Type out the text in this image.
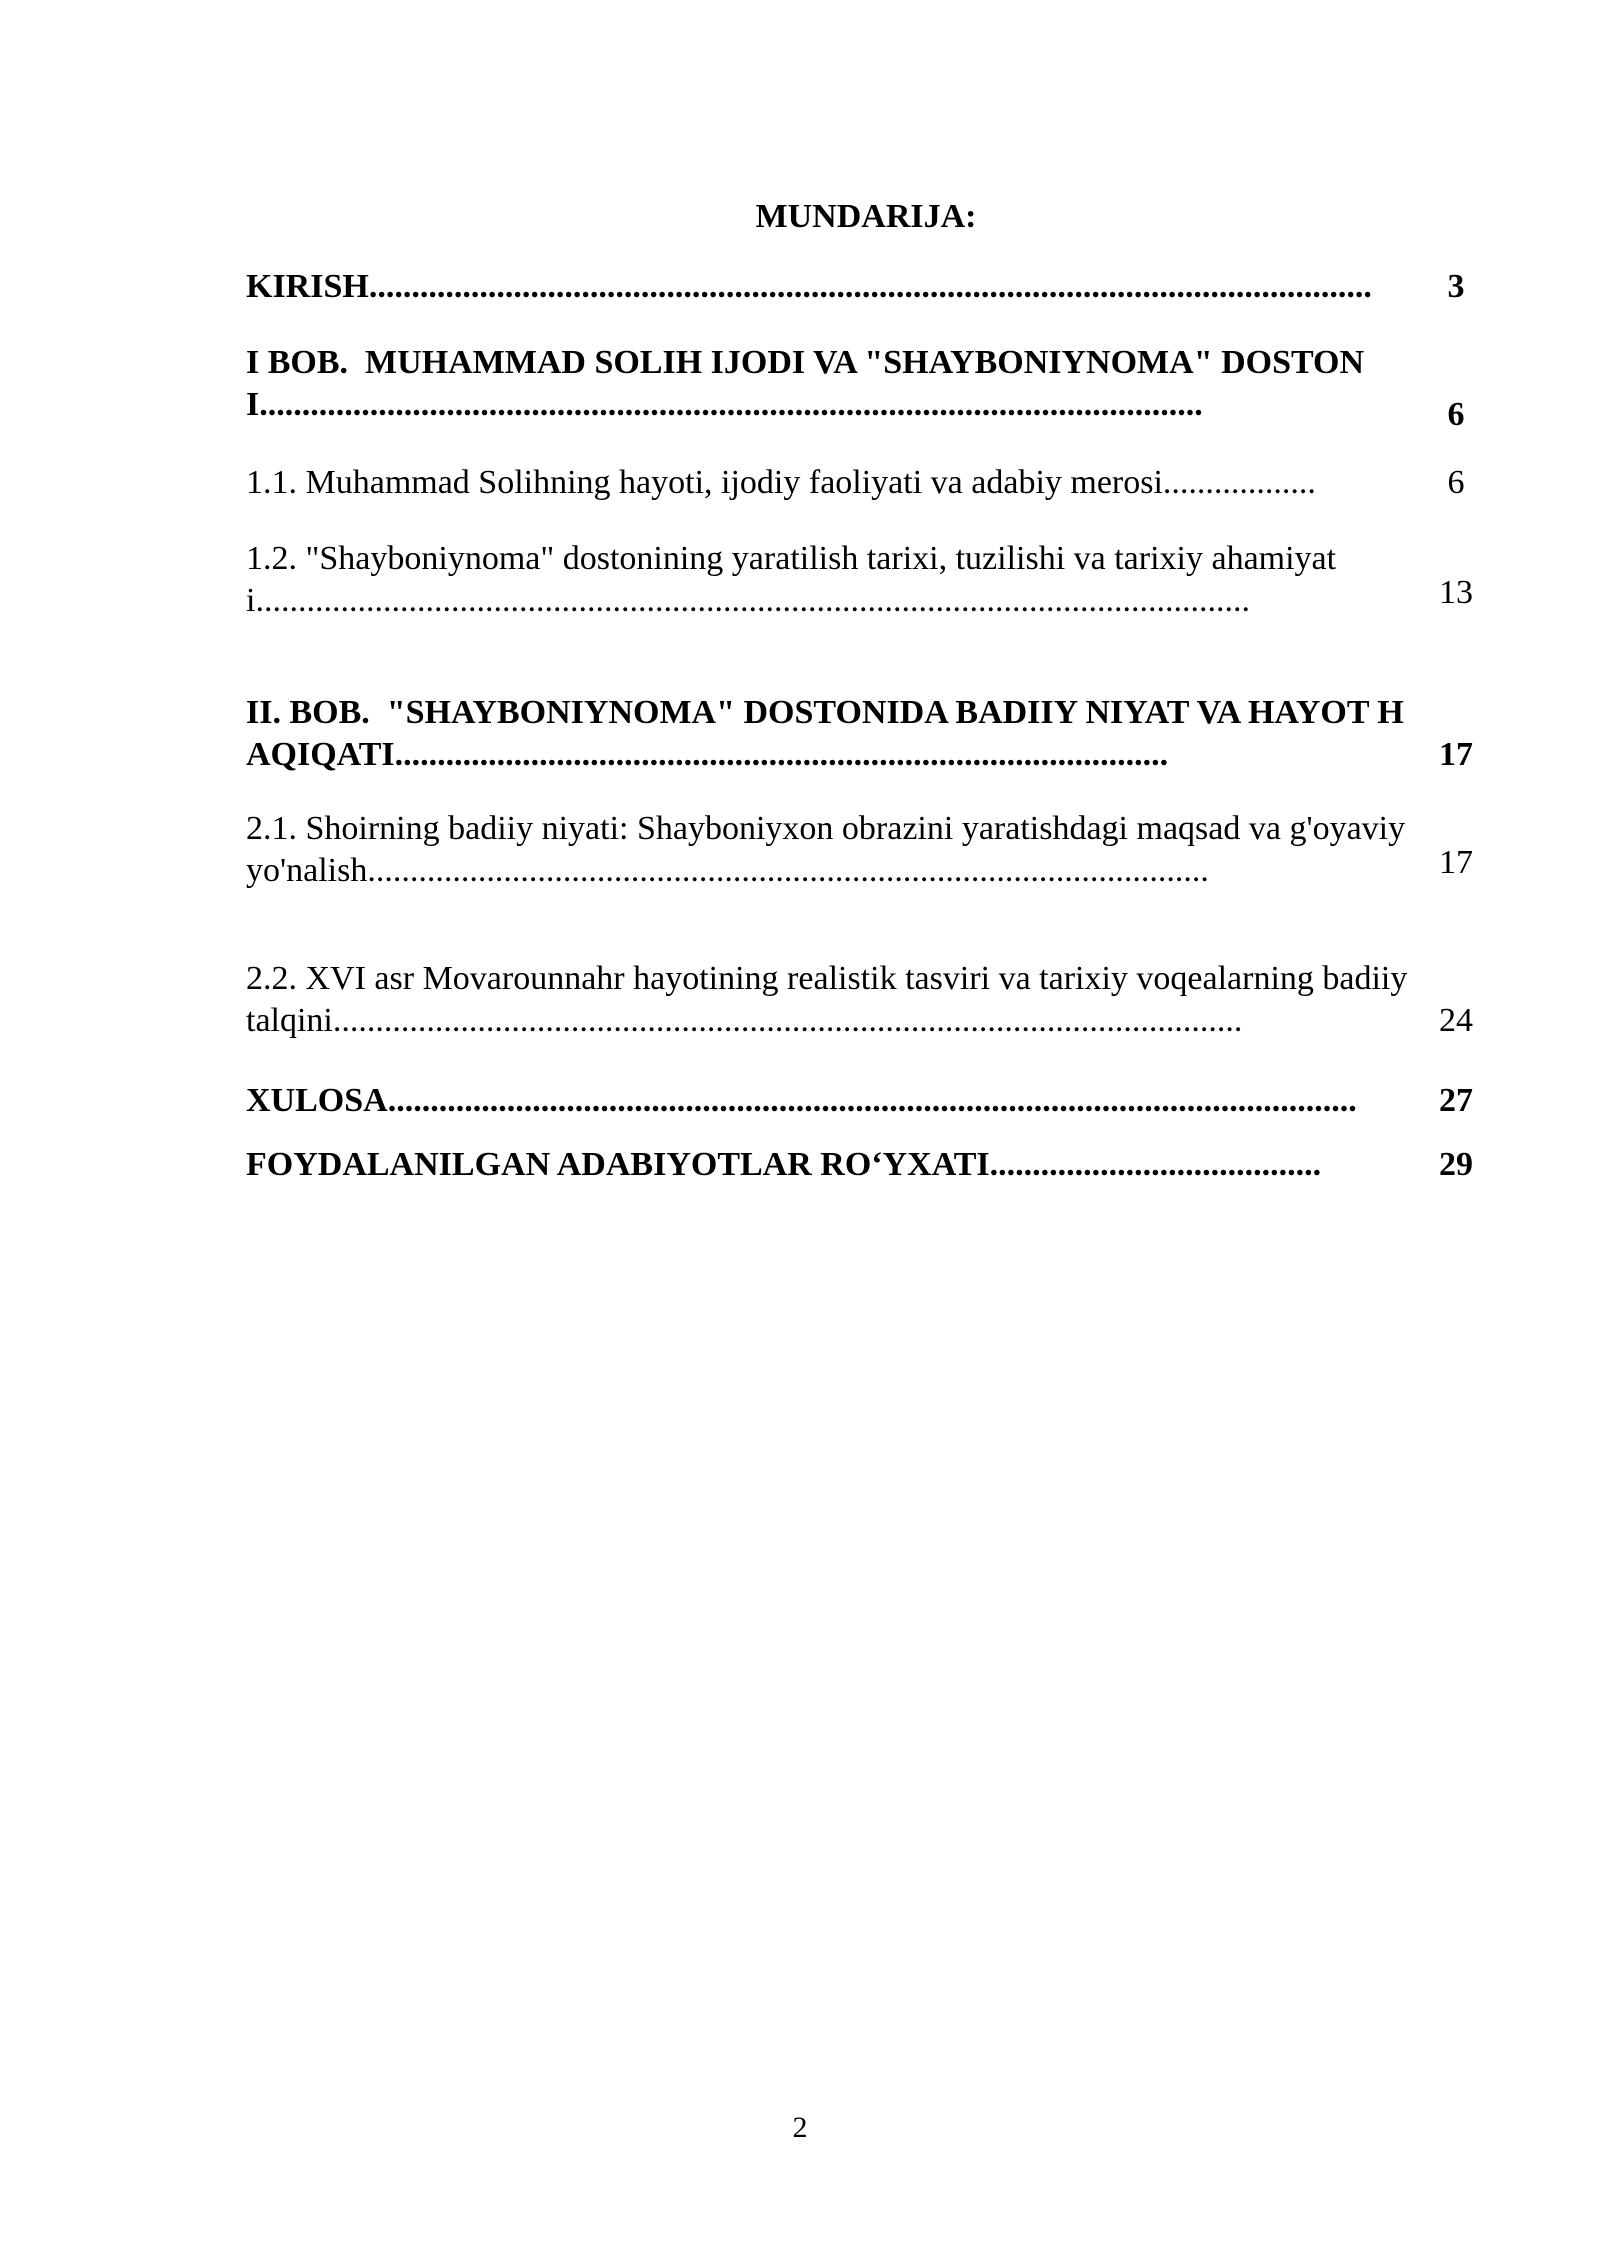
MUNDARIJA:
KIRISH......................................................................................................................	3
I BOB.  MUHAMMAD SOLIH IJODI VA "SHAYBONIYNOMA" DOSTONI...............................................................................................................	6
1.1. Muhammad Solihning hayoti, ijodiy faoliyati va adabiy merosi..................	6
1.2. "Shayboniynoma" dostonining yaratilish tarixi, tuzilishi va tarixiy ahamiyati.....................................................................................................................	13
II. BOB.  "SHAYBONIYNOMA" DOSTONIDA BADIIY NIYAT VA HAYOT HAQIQATI...........................................................................................	17
2.1. Shoirning badiiy niyati: Shayboniyxon obrazini yaratishdagi maqsad va g'oyaviy yo'nalish...................................................................................................	17
2.2. XVI asr Movarounnahr hayotining realistik tasviri va tarixiy voqealarning badiiy talqini...........................................................................................................	24
XULOSA..................................................................................................................	27
FOYDALANILGAN ADABIYOTLAR RO‘YXATI.......................................	29
2
